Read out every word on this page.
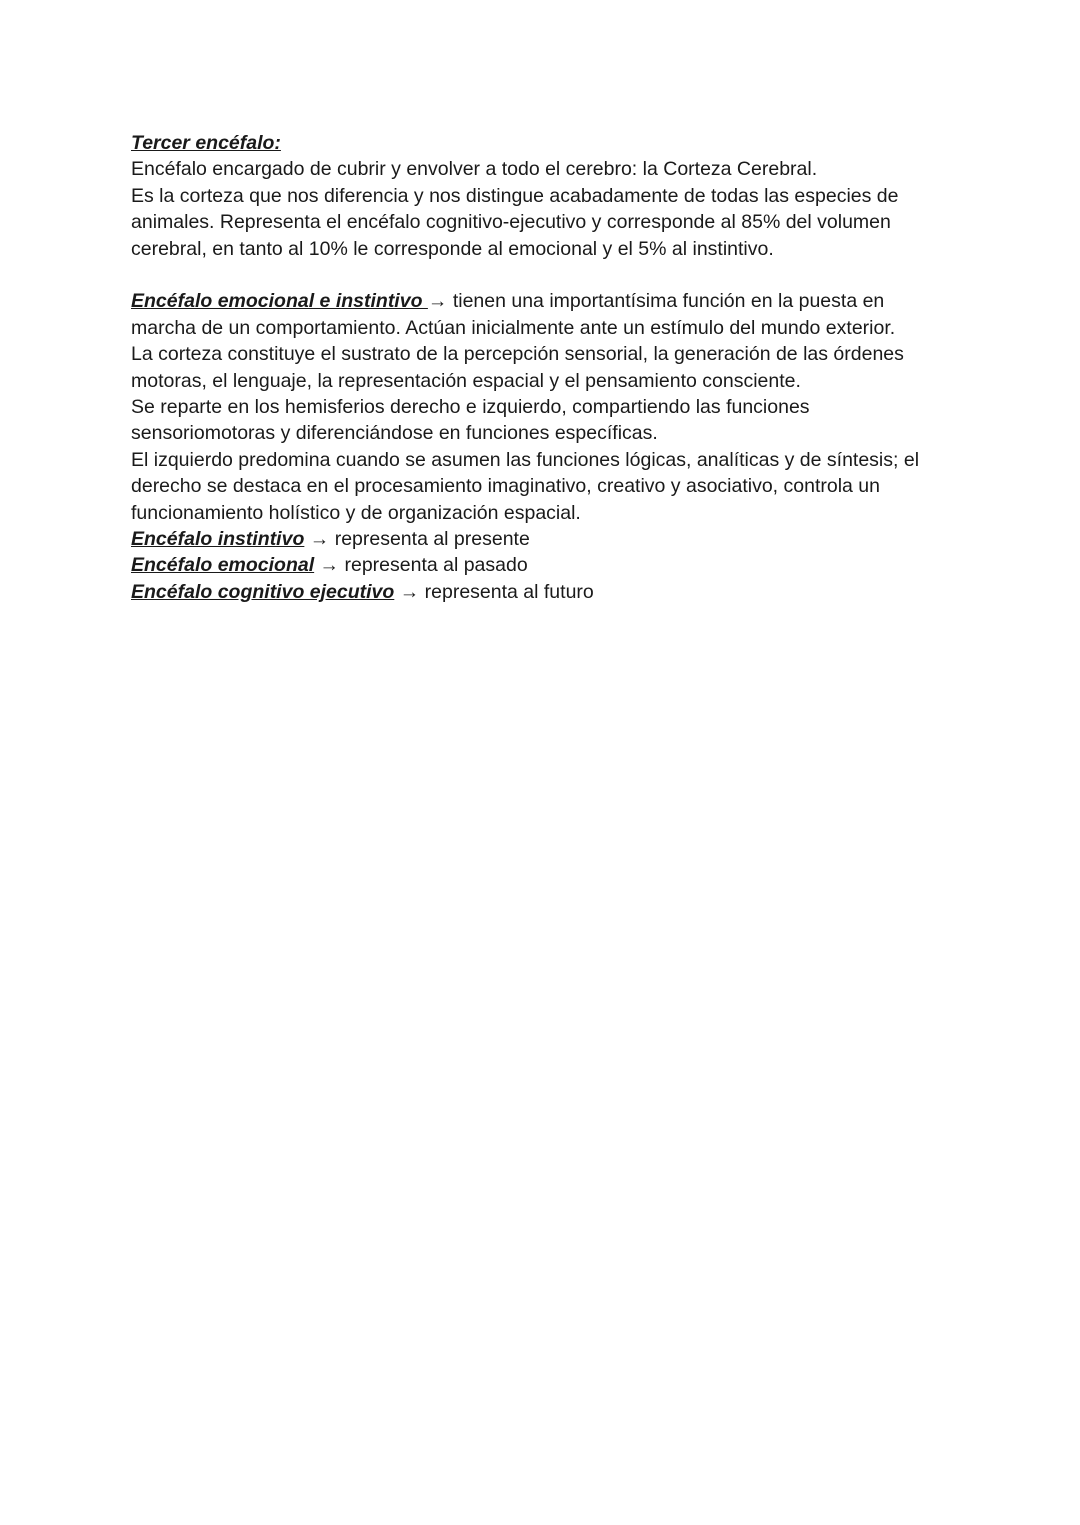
Tercer encéfalo:
Encéfalo encargado de cubrir y envolver a todo el cerebro: la Corteza Cerebral.
Es la corteza que nos diferencia y nos distingue acabadamente de todas las especies de
animales. Representa el encéfalo cognitivo-ejecutivo y corresponde al 85% del volumen
cerebral, en tanto al 10% le corresponde al emocional y el 5% al instintivo.
Encéfalo emocional e instintivo → tienen una importantísima función en la puesta en
marcha de un comportamiento. Actúan inicialmente ante un estímulo del mundo exterior.
La corteza constituye el sustrato de la percepción sensorial, la generación de las órdenes
motoras, el lenguaje, la representación espacial y el pensamiento consciente.
Se reparte en los hemisferios derecho e izquierdo, compartiendo las funciones
sensoriomotoras y diferenciándose en funciones específicas.
El izquierdo predomina cuando se asumen las funciones lógicas, analíticas y de síntesis; el
derecho se destaca en el procesamiento imaginativo, creativo y asociativo, controla un
funcionamiento holístico y de organización espacial.
Encéfalo instintivo → representa al presente
Encéfalo emocional → representa al pasado
Encéfalo cognitivo ejecutivo → representa al futuro
